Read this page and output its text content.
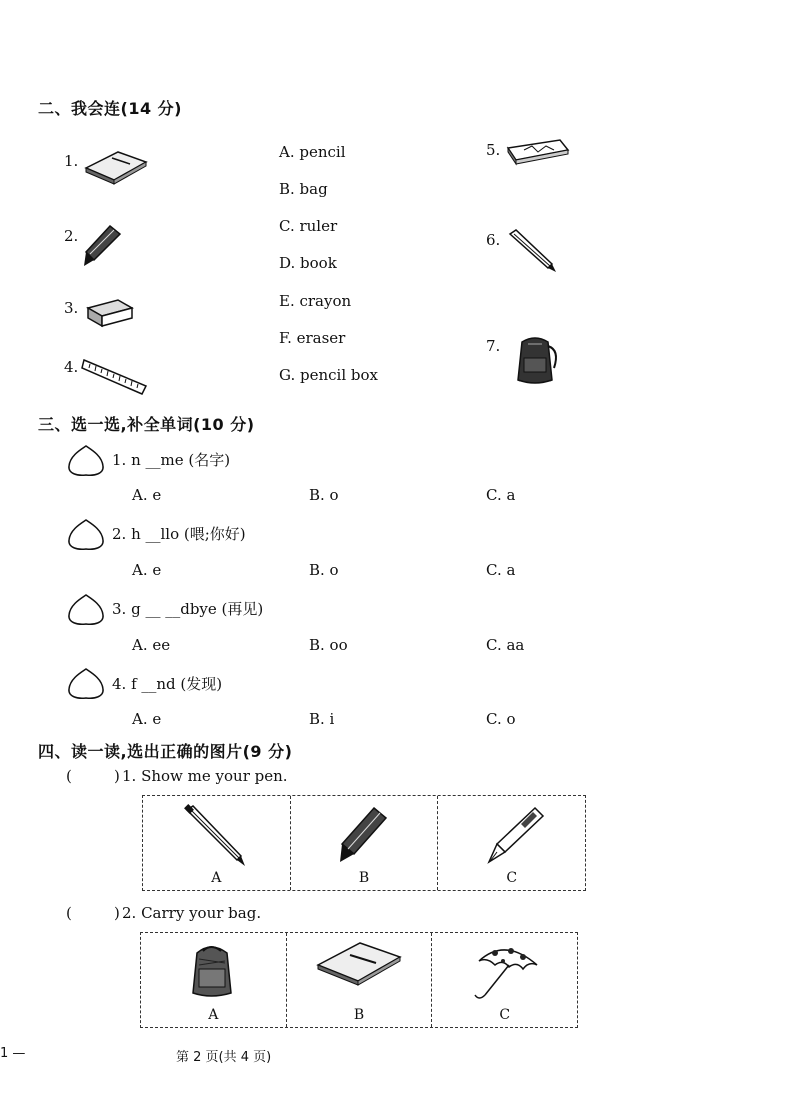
二、我会连(14 分)
1.
2.
3.
4.
A. pencil
B. bag
C. ruler
D. book
E. crayon
F. eraser
G. pencil box
5.
6.
7.
三、选一选,补全单词(10 分)
1. n __me (名字)
A. e	B. o	C. a
2. h __llo (喂;你好)
A. e	B. o	C. a
3. g __ __dbye (再见)
A. ee	B. oo	C. aa
4. f __nd (发现)
A. e	B. i	C. o
四、读一读,选出正确的图片(9 分)
(	) 1. Show me your pen.
A	B	C
(	) 2. Carry your bag.
A	B	C
1 —	第 2 页(共 4 页)
